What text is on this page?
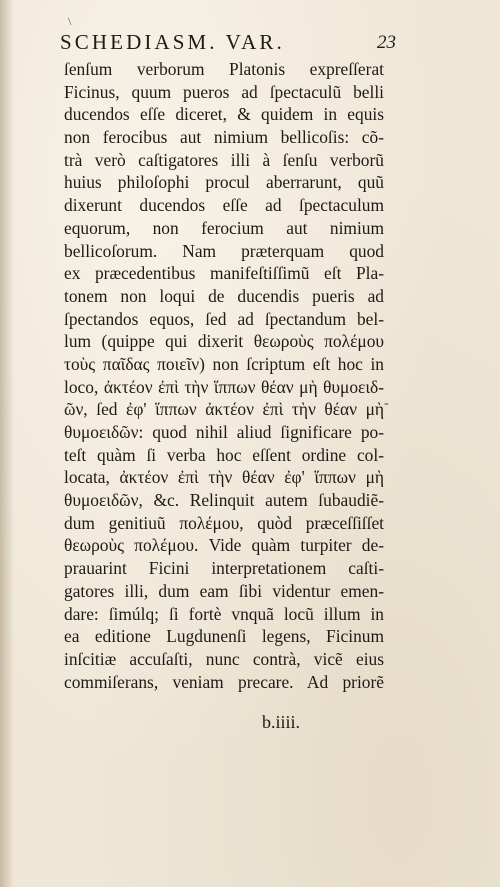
\
SCHEDIASM. VAR.	23
ſenſum verborum Platonis expreſſerat
Ficinus, quum pueros ad ſpectaculũ belli
ducendos eſſe diceret, & quidem in equis
non ferocibus aut nimium bellicoſis: cõ-
trà verò caſtigatores illi à ſenſu verborũ
huius philoſophi procul aberrarunt, quũ
dixerunt ducendos eſſe ad ſpectaculum
equorum, non ferocium aut nimium
bellicoſorum. Nam præterquam quod
ex præcedentibus manifeſtiſſimũ eſt Pla-
tonem non loqui de ducendis pueris ad
ſpectandos equos, ſed ad ſpectandum bel-
lum (quippe qui dixerit θεωροὺς πολέμου
τοὺς παῖδας ποιεῖν) non ſcriptum eſt hoc in
loco, ἀκτέον ἐπὶ τὴν ἵππων θέαν μὴ θυμοειδ-
ῶν, ſed ἐφ' ἵππων ἀκτέον ἐπὶ τὴν θέαν μὴ
θυμοειδῶν: quod nihil aliud ſignificare po-
teſt quàm ſi verba hoc eſſent ordine col-
locata, ἀκτέον ἐπὶ τὴν θέαν ἐφ' ἵππων μὴ
θυμοειδῶν, &c. Relinquit autem ſubaudiẽ-
dum genitiuũ πολέμου, quòd præceſſiſſet
θεωροὺς πολέμου. Vide quàm turpiter de-
prauarint Ficini interpretationem caſti-
gatores illi, dum eam ſibi videntur emen-
dare: ſimúlq; ſi fortè vnquã locũ illum in
ea editione Lugdunenſi legens, Ficinum
inſcitiæ accuſaſti, nunc contrà, vicẽ eius
commiſerans, veniam precare. Ad priorẽ
-
b.iiii.
